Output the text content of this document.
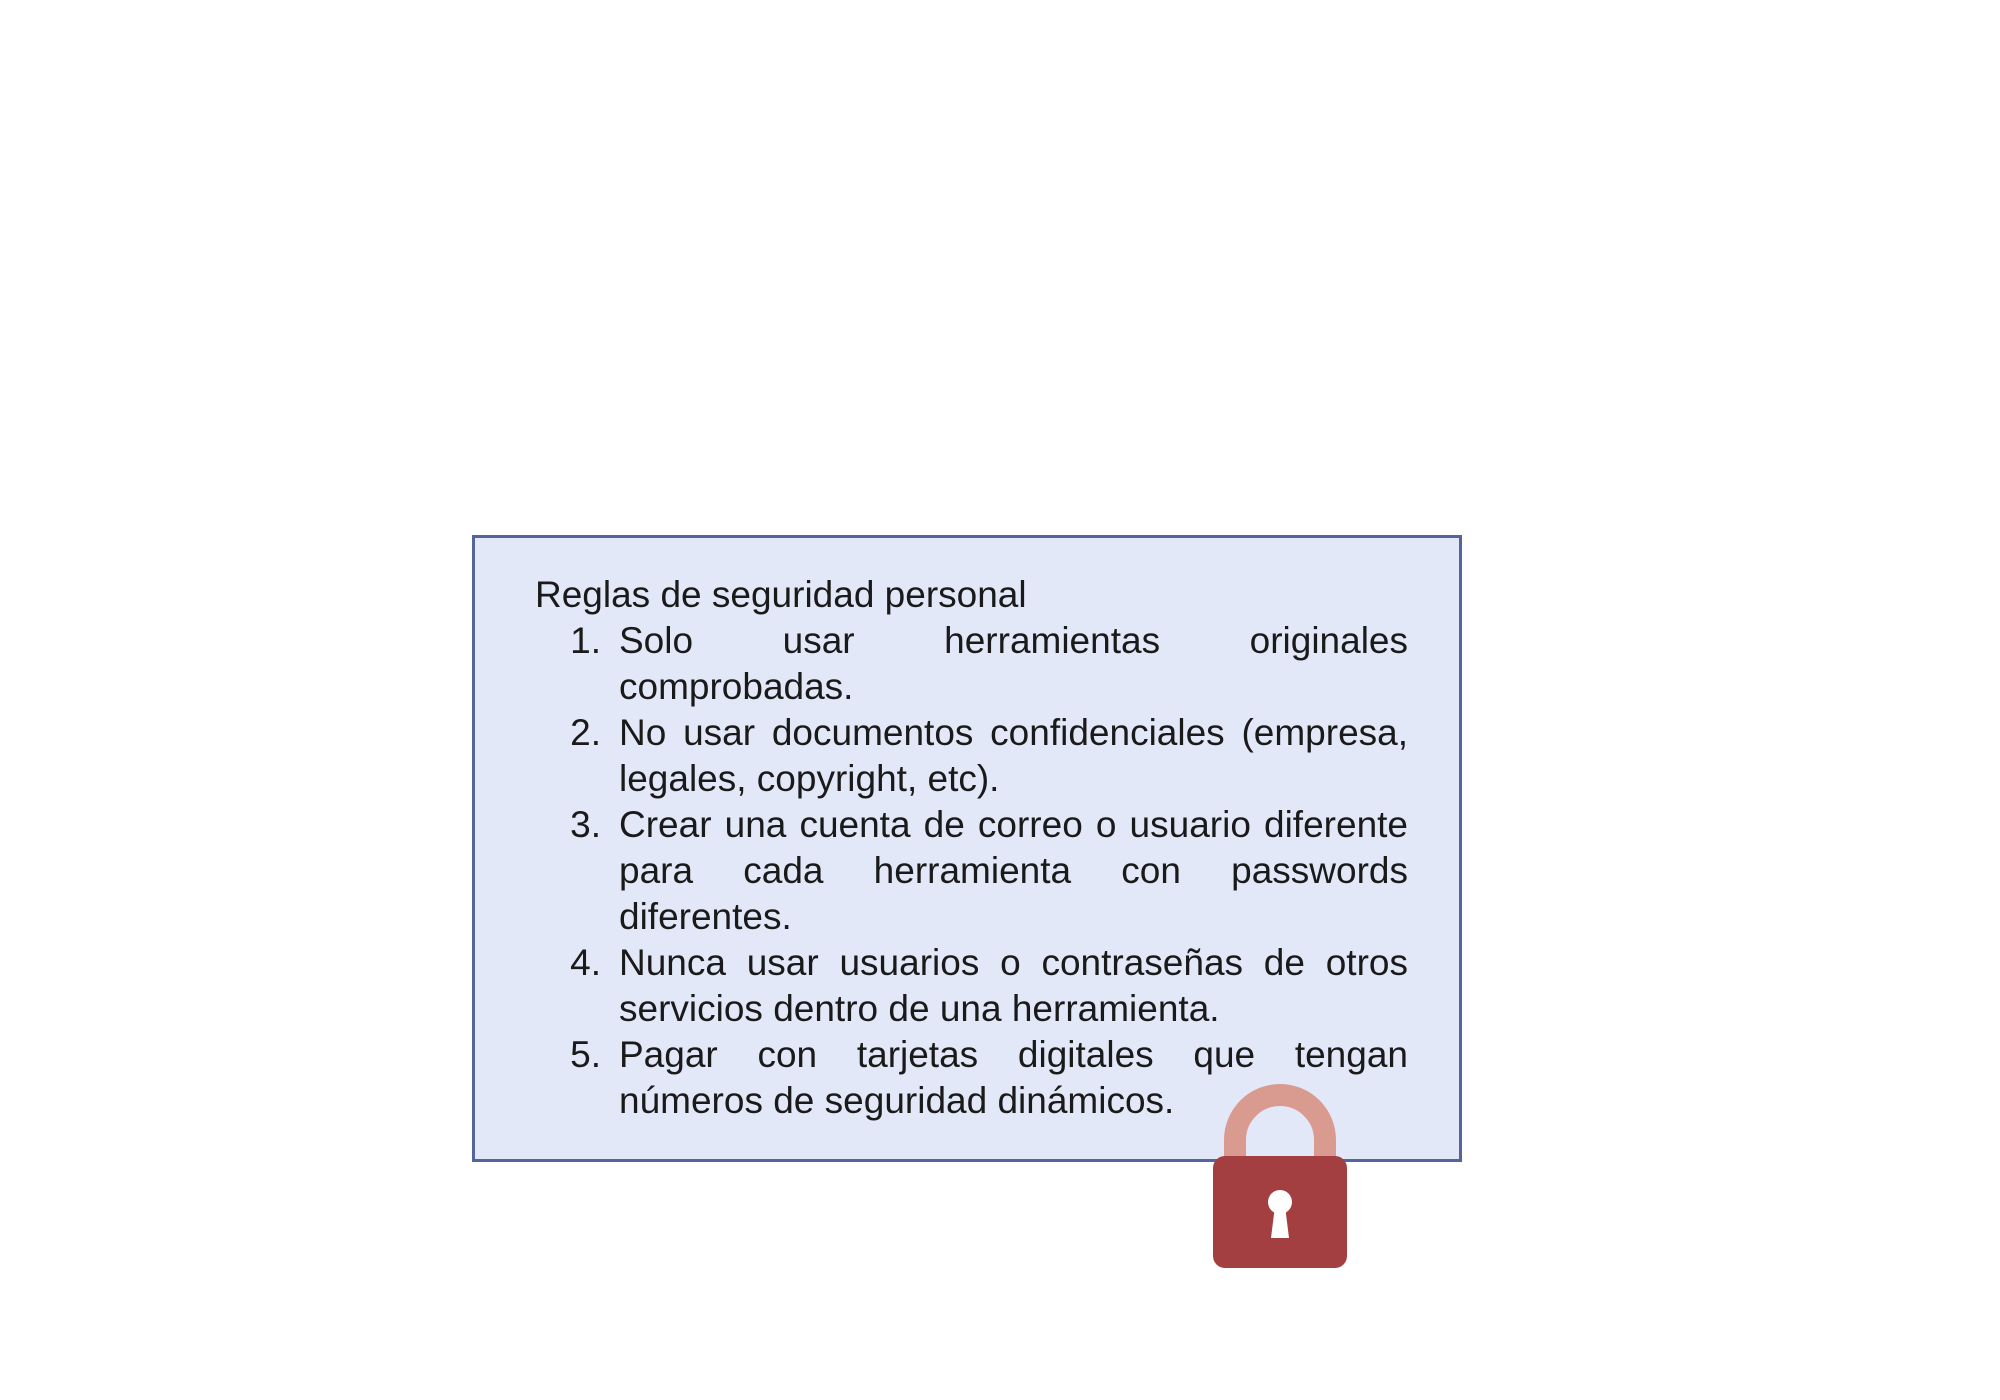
Reglas de seguridad personal
1. Solo usar herramientas originales comprobadas.
2. No usar documentos confidenciales (empresa, legales, copyright, etc).
3. Crear una cuenta de correo o usuario diferente para cada herramienta con passwords diferentes.
4. Nunca usar usuarios o contraseñas de otros servicios dentro de una herramienta.
5. Pagar con tarjetas digitales que tengan números de seguridad dinámicos.
